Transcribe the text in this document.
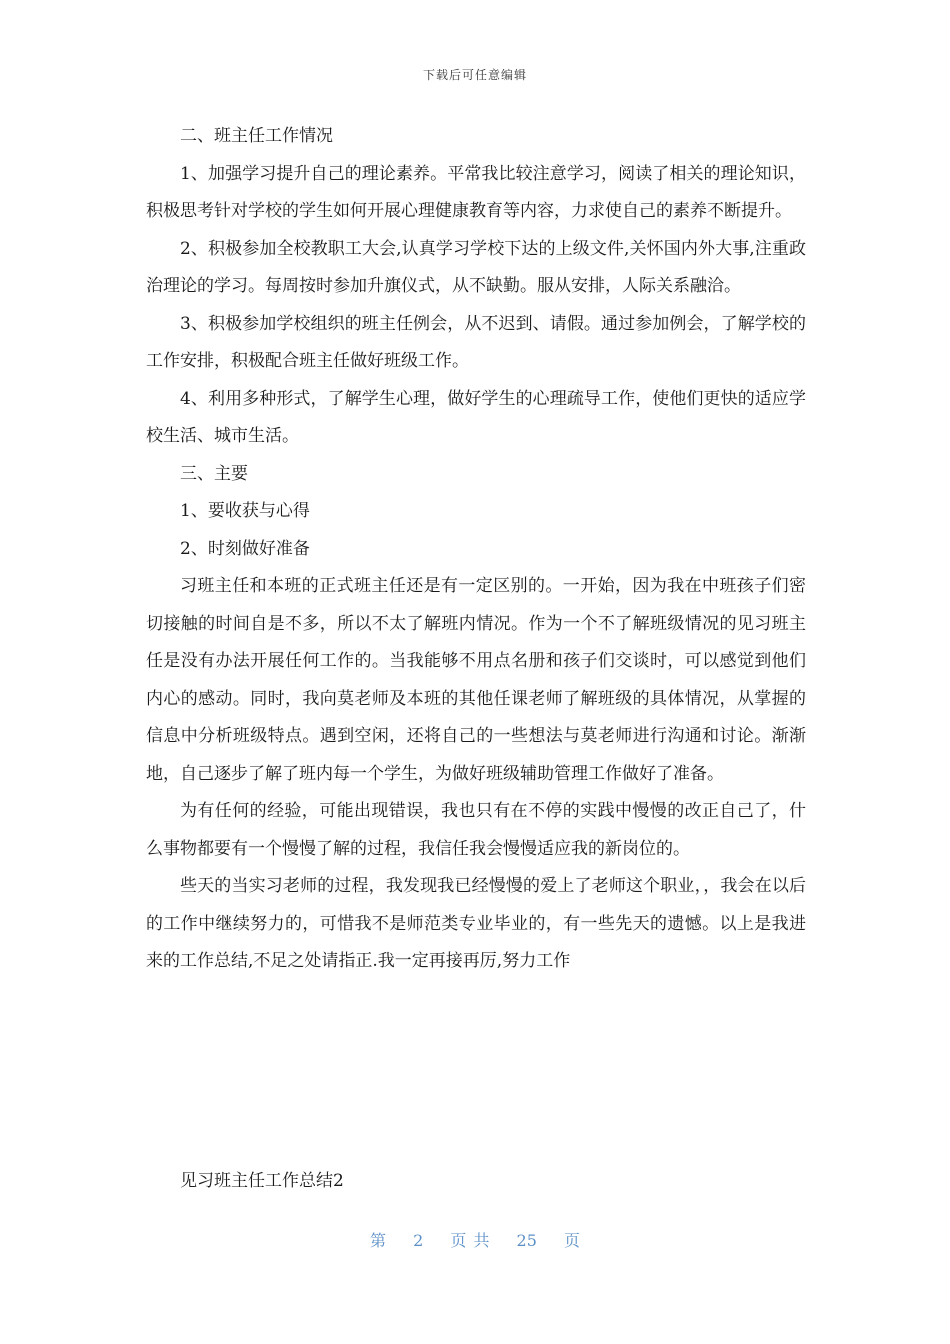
下载后可任意编辑

二、班主任工作情况

1、加强学习提升自己的理论素养。平常我比较注意学习，阅读了相关的理论知识，积极思考针对学校的学生如何开展心理健康教育等内容，力求使自己的素养不断提升。

2、积极参加全校教职工大会,认真学习学校下达的上级文件,关怀国内外大事,注重政治理论的学习。每周按时参加升旗仪式，从不缺勤。服从安排，人际关系融洽。

3、积极参加学校组织的班主任例会，从不迟到、请假。通过参加例会，了解学校的工作安排，积极配合班主任做好班级工作。

4、利用多种形式，了解学生心理，做好学生的心理疏导工作，使他们更快的适应学校生活、城市生活。

三、主要

1、要收获与心得

2、时刻做好准备

习班主任和本班的正式班主任还是有一定区别的。一开始，因为我在中班孩子们密切接触的时间自是不多，所以不太了解班内情况。作为一个不了解班级情况的见习班主任是没有办法开展任何工作的。当我能够不用点名册和孩子们交谈时，可以感觉到他们内心的感动。同时，我向莫老师及本班的其他任课老师了解班级的具体情况，从掌握的信息中分析班级特点。遇到空闲，还将自己的一些想法与莫老师进行沟通和讨论。渐渐地，自己逐步了解了班内每一个学生，为做好班级辅助管理工作做好了准备。

为有任何的经验，可能出现错误，我也只有在不停的实践中慢慢的改正自己了，什么事物都要有一个慢慢了解的过程，我信任我会慢慢适应我的新岗位的。

些天的当实习老师的过程，我发现我已经慢慢的爱上了老师这个职业，，我会在以后的工作中继续努力的，可惜我不是师范类专业毕业的，有一些先天的遗憾。以上是我进来的工作总结,不足之处请指正.我一定再接再厉,努力工作

见习班主任工作总结2
第 2 页 共 25 页
